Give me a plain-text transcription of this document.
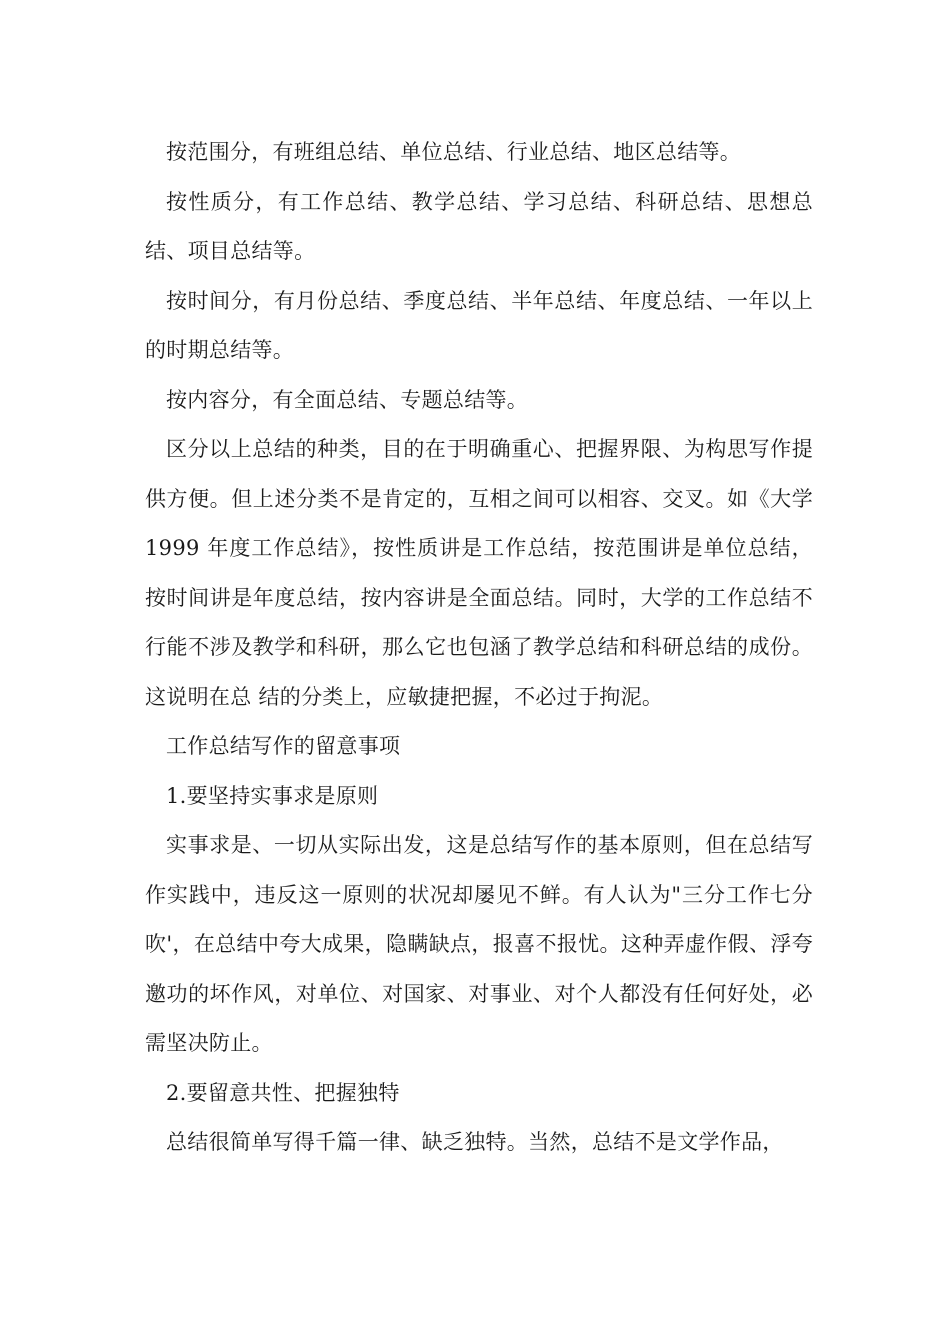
按范围分，有班组总结、单位总结、行业总结、地区总结等。

按性质分，有工作总结、教学总结、学习总结、科研总结、思想总结、项目总结等。

按时间分，有月份总结、季度总结、半年总结、年度总结、一年以上的时期总结等。

按内容分，有全面总结、专题总结等。

区分以上总结的种类，目的在于明确重心、把握界限、为构思写作提供方便。但上述分类不是肯定的，互相之间可以相容、交叉。如《大学 1999 年度工作总结》，按性质讲是工作总结，按范围讲是单位总结，按时间讲是年度总结，按内容讲是全面总结。同时，大学的工作总结不行能不涉及教学和科研，那么它也包涵了教学总结和科研总结的成份。这说明在总 结的分类上，应敏捷把握，不必过于拘泥。

工作总结写作的留意事项

1.要坚持实事求是原则

实事求是、一切从实际出发，这是总结写作的基本原则，但在总结写作实践中，违反这一原则的状况却屡见不鲜。有人认为"三分工作七分吹'，在总结中夸大成果，隐瞒缺点，报喜不报忧。这种弄虚作假、浮夸邀功的坏作风，对单位、对国家、对事业、对个人都没有任何好处，必需坚决防止。

2.要留意共性、把握独特

总结很简单写得千篇一律、缺乏独特。当然，总结不是文学作品，
